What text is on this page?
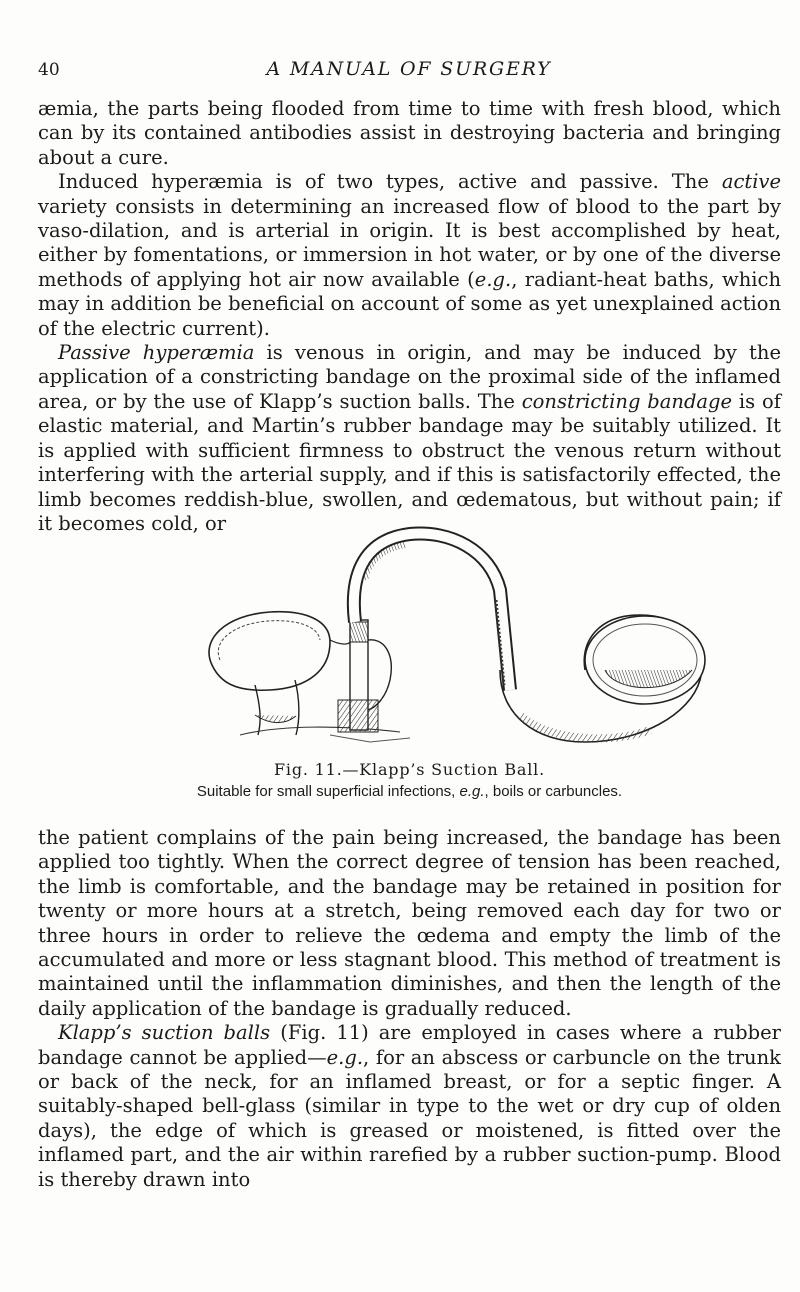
40	A MANUAL OF SURGERY

æmia, the parts being flooded from time to time with fresh blood, which can by its contained antibodies assist in destroying bacteria and bringing about a cure.

Induced hyperæmia is of two types, active and passive. The active variety consists in determining an increased flow of blood to the part by vaso-dilation, and is arterial in origin. It is best accomplished by heat, either by fomentations, or immersion in hot water, or by one of the diverse methods of applying hot air now available (e.g., radiant-heat baths, which may in addition be beneficial on account of some as yet unexplained action of the electric current).

Passive hyperæmia is venous in origin, and may be induced by the application of a constricting bandage on the proximal side of the inflamed area, or by the use of Klapp’s suction balls. The constricting bandage is of elastic material, and Martin’s rubber bandage may be suitably utilized. It is applied with sufficient firmness to obstruct the venous return without interfering with the arterial supply, and if this is satisfactorily effected, the limb becomes reddish-blue, swollen, and œdematous, but without pain; if it becomes cold, or

Fig. 11.—Klapp’s Suction Ball.
Suitable for small superficial infections, e.g., boils or carbuncles.

the patient complains of the pain being increased, the bandage has been applied too tightly. When the correct degree of tension has been reached, the limb is comfortable, and the bandage may be retained in position for twenty or more hours at a stretch, being removed each day for two or three hours in order to relieve the œdema and empty the limb of the accumulated and more or less stagnant blood. This method of treatment is maintained until the inflammation diminishes, and then the length of the daily application of the bandage is gradually reduced.

Klapp’s suction balls (Fig. 11) are employed in cases where a rubber bandage cannot be applied—e.g., for an abscess or carbuncle on the trunk or back of the neck, for an inflamed breast, or for a septic finger. A suitably-shaped bell-glass (similar in type to the wet or dry cup of olden days), the edge of which is greased or moistened, is fitted over the inflamed part, and the air within rarefied by a rubber suction-pump. Blood is thereby drawn into
